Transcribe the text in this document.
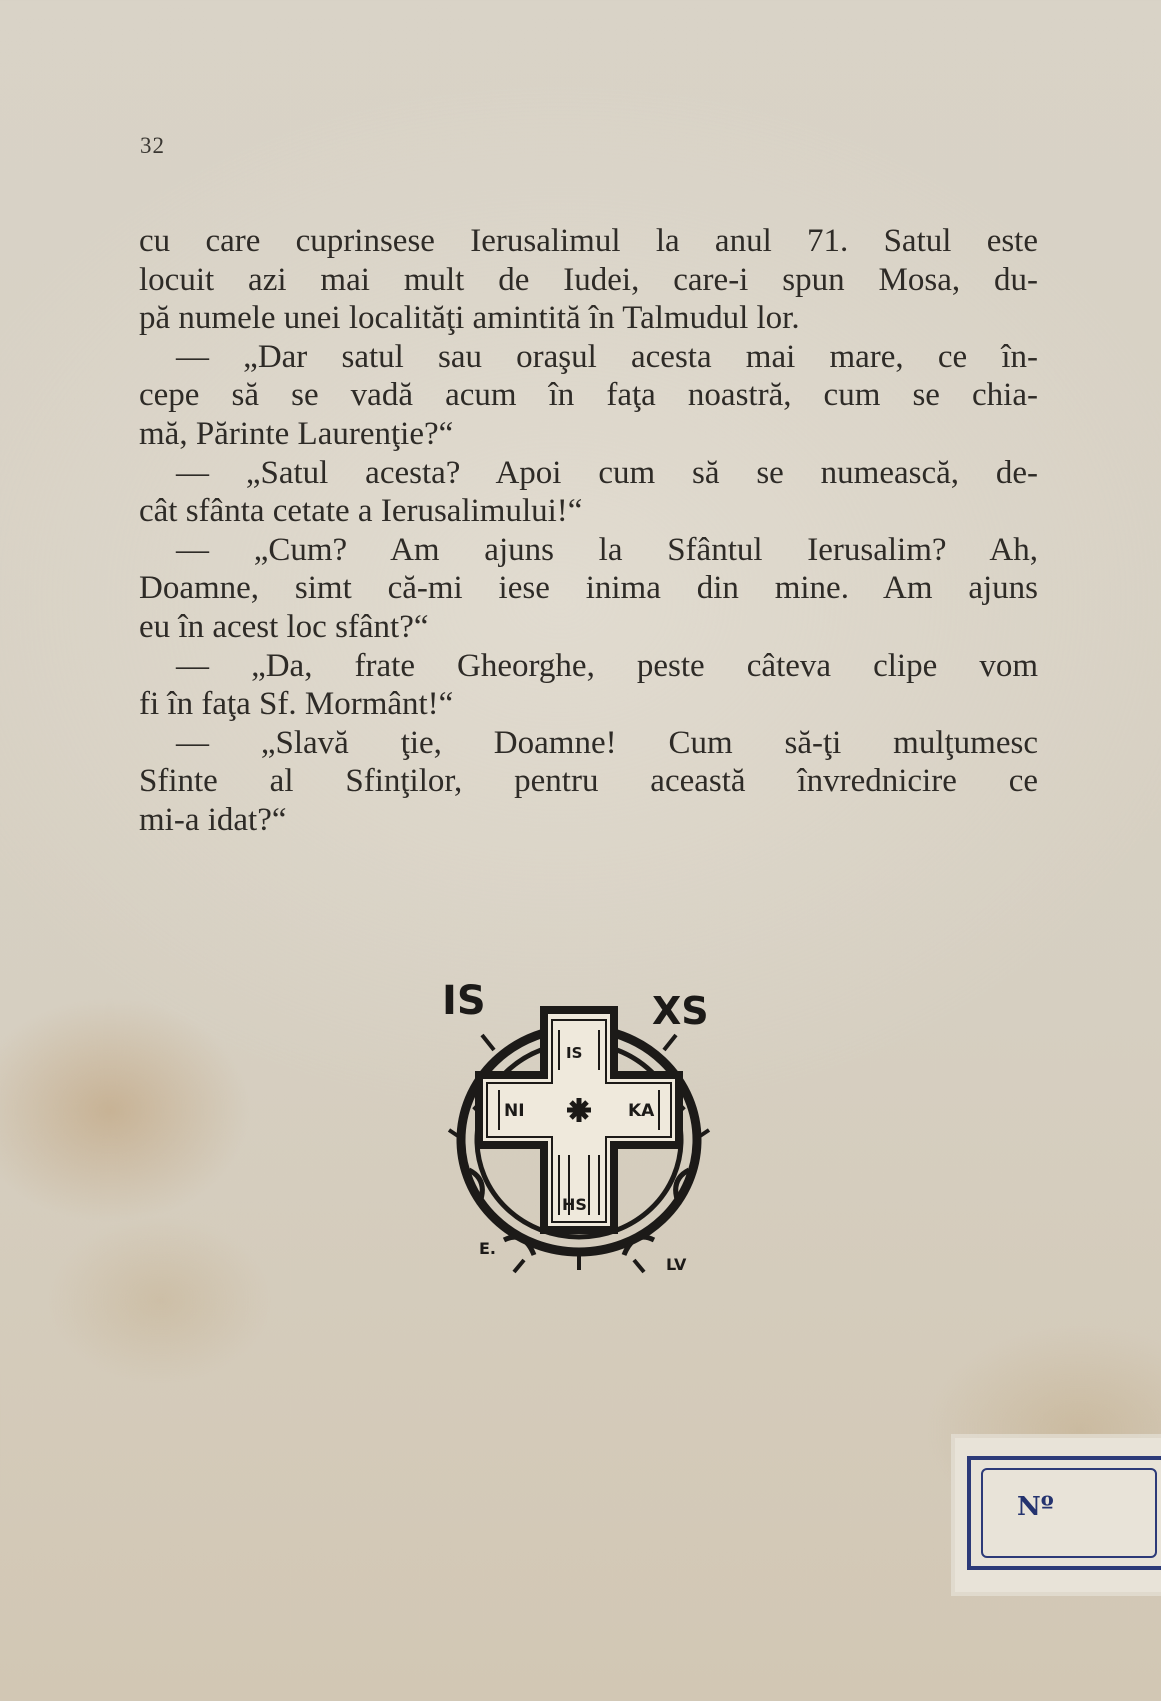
32
cu care cuprinsese Ierusalimul la anul 71. Satul este
locuit azi mai mult de Iudei, care-i spun Mosa, du-
pă numele unei localităţi amintită în Talmudul lor.
— „Dar satul sau oraşul acesta mai mare, ce în-
cepe să se vadă acum în faţa noastră, cum se chia-
mă, Părinte Laurenţie?“
— „Satul acesta? Apoi cum să se numească, de-
cât sfânta cetate a Ierusalimului!“
— „Cum? Am ajuns la Sfântul Ierusalim? Ah,
Doamne, simt că-mi iese inima din mine. Am ajuns
eu în acest loc sfânt?“
— „Da, frate Gheorghe, peste câteva clipe vom
fi în faţa Sf. Mormânt!“
— „Slavă ţie, Doamne! Cum să-ţi mulţumesc
Sfinte al Sfinţilor, pentru această învrednicire ce
mi-a idat?“
IS	XS
IS
NI	KA
HS
E.
LV
Nº
